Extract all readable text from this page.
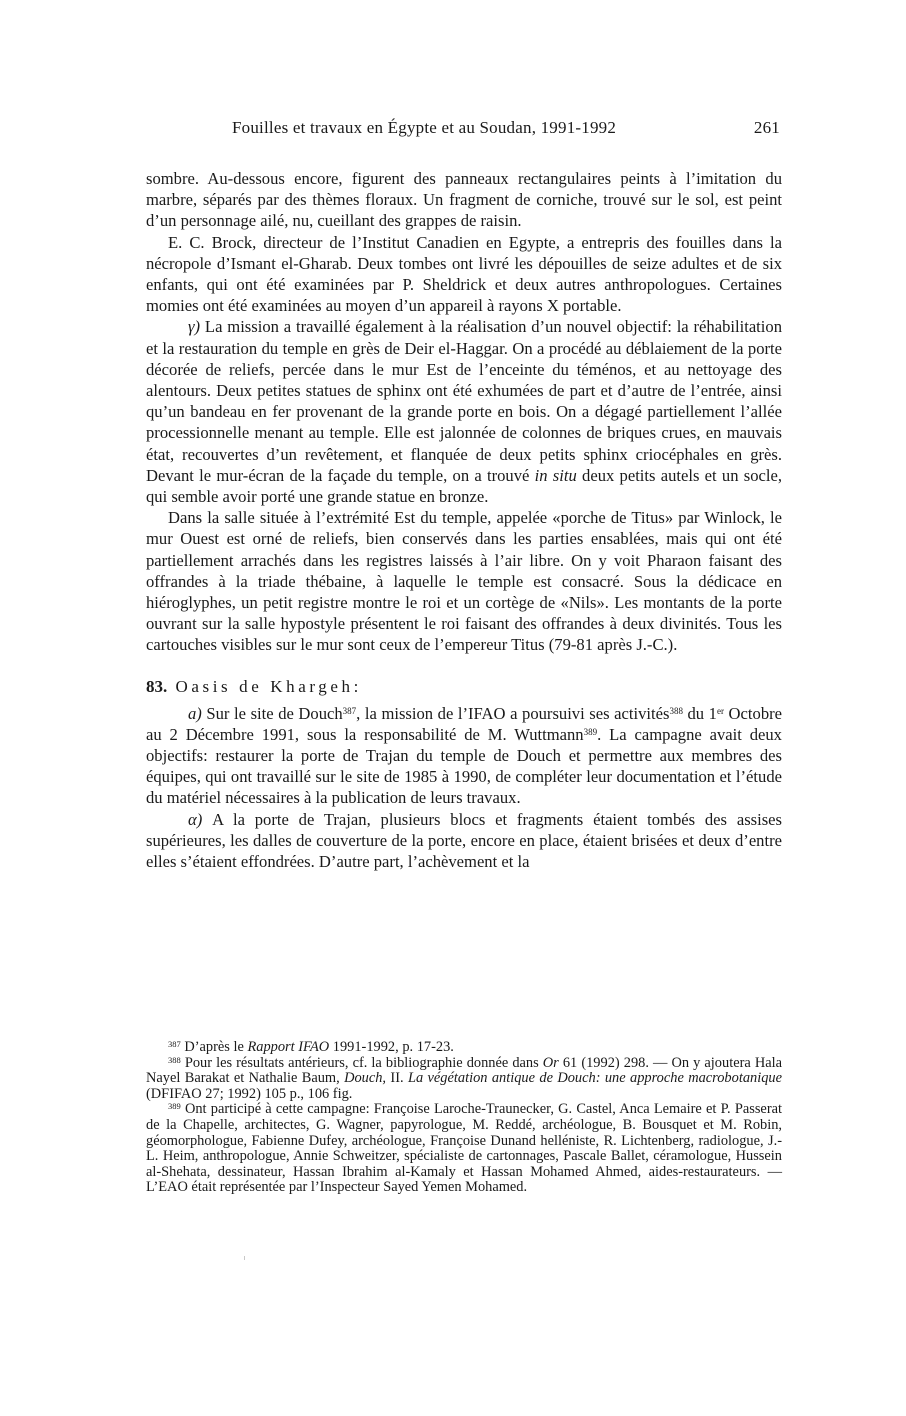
Fouilles et travaux en Égypte et au Soudan, 1991-1992	261

sombre. Au-dessous encore, figurent des panneaux rectangulaires peints à l’imitation du marbre, séparés par des thèmes floraux. Un fragment de corniche, trouvé sur le sol, est peint d’un personnage ailé, nu, cueillant des grappes de raisin.

E. C. Brock, directeur de l’Institut Canadien en Egypte, a entrepris des fouilles dans la nécropole d’Ismant el-Gharab. Deux tombes ont livré les dépouilles de seize adultes et de six enfants, qui ont été examinées par P. Sheldrick et deux autres anthropologues. Certaines momies ont été examinées au moyen d’un appareil à rayons X portable.

γ) La mission a travaillé également à la réalisation d’un nouvel objectif: la réhabilitation et la restauration du temple en grès de Deir el-Haggar. On a procédé au déblaiement de la porte décorée de reliefs, percée dans le mur Est de l’enceinte du téménos, et au nettoyage des alentours. Deux petites statues de sphinx ont été exhumées de part et d’autre de l’entrée, ainsi qu’un bandeau en fer provenant de la grande porte en bois. On a dégagé partiellement l’allée processionnelle menant au temple. Elle est jalonnée de colonnes de briques crues, en mauvais état, recouvertes d’un revêtement, et flanquée de deux petits sphinx criocéphales en grès. Devant le mur-écran de la façade du temple, on a trouvé in situ deux petits autels et un socle, qui semble avoir porté une grande statue en bronze.

Dans la salle située à l’extrémité Est du temple, appelée «porche de Titus» par Winlock, le mur Ouest est orné de reliefs, bien conservés dans les parties ensablées, mais qui ont été partiellement arrachés dans les registres laissés à l’air libre. On y voit Pharaon faisant des offrandes à la triade thébaine, à laquelle le temple est consacré. Sous la dédicace en hiéroglyphes, un petit registre montre le roi et un cortège de «Nils». Les montants de la porte ouvrant sur la salle hypostyle présentent le roi faisant des offrandes à deux divinités. Tous les cartouches visibles sur le mur sont ceux de l’empereur Titus (79-81 après J.-C.).

83. Oasis de Khargeh:

a) Sur le site de Douch$^{387}$, la mission de l’IFAO a poursuivi ses activités$^{388}$ du 1er Octobre au 2 Décembre 1991, sous la responsabilité de M. Wuttmann$^{389}$. La campagne avait deux objectifs: restaurer la porte de Trajan du temple de Douch et permettre aux membres des équipes, qui ont travaillé sur le site de 1985 à 1990, de compléter leur documentation et l’étude du matériel nécessaires à la publication de leurs travaux.

α) A la porte de Trajan, plusieurs blocs et fragments étaient tombés des assises supérieures, les dalles de couverture de la porte, encore en place, étaient brisées et deux d’entre elles s’étaient effondrées. D’autre part, l’achèvement et la

$^{387}$ D’après le Rapport IFAO 1991-1992, p. 17-23.

$^{388}$ Pour les résultats antérieurs, cf. la bibliographie donnée dans Or 61 (1992) 298. — On y ajoutera Hala Nayel Barakat et Nathalie Baum, Douch, II. La végétation antique de Douch: une approche macrobotanique (DFIFAO 27; 1992) 105 p., 106 fig.

$^{389}$ Ont participé à cette campagne: Françoise Laroche-Traunecker, G. Castel, Anca Lemaire et P. Passerat de la Chapelle, architectes, G. Wagner, papyrologue, M. Reddé, archéologue, B. Bousquet et M. Robin, géomorphologue, Fabienne Dufey, archéologue, Françoise Dunand helléniste, R. Lichtenberg, radiologue, J.-L. Heim, anthropologue, Annie Schweitzer, spécialiste de cartonnages, Pascale Ballet, céramologue, Hussein al-Shehata, dessinateur, Hassan Ibrahim al-Kamaly et Hassan Mohamed Ahmed, aides-restaurateurs. — L’EAO était représentée par l’Inspecteur Sayed Yemen Mohamed.
